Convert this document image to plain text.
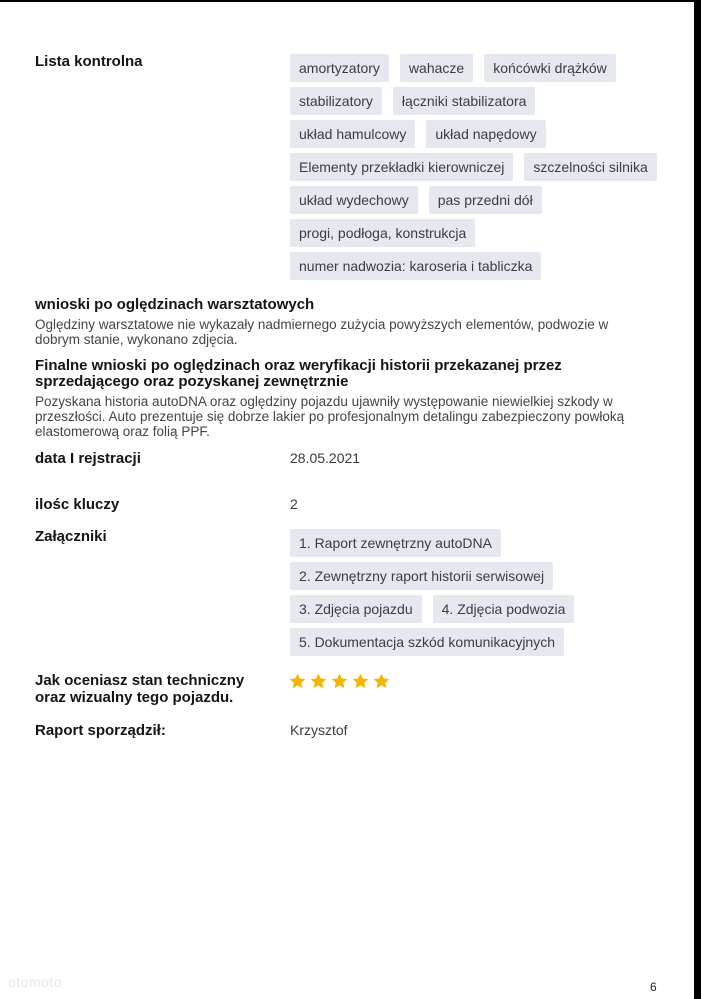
Lista kontrolna	amortyzatory	wahacze	końcówki drążków
stabilizatory	łączniki stabilizatora
układ hamulcowy	układ napędowy
Elementy przekładki kierowniczej	szczelności silnika
układ wydechowy	pas przedni dół
progi, podłoga, konstrukcja
numer nadwozia: karoseria i tabliczka
wnioski po oględzinach warsztatowych
Oględziny warsztatowe nie wykazały nadmiernego zużycia powyższych elementów, podwozie w dobrym stanie, wykonano zdjęcia.
Finalne wnioski po oględzinach oraz weryfikacji historii przekazanej przez sprzedającego oraz pozyskanej zewnętrznie
Pozyskana historia autoDNA oraz oględziny pojazdu ujawniły występowanie niewielkiej szkody w przeszłości. Auto prezentuje się dobrze lakier po profesjonalnym detalingu zabezpieczony powłoką elastomerową oraz folią PPF.
data I rejstracji	28.05.2021
ilośc kluczy	2
Załączniki	1. Raport zewnętrzny autoDNA
2. Zewnętrzny raport historii serwisowej
3. Zdjęcia pojazdu	4. Zdjęcia podwozia
5. Dokumentacja szkód komunikacyjnych
Jak oceniasz stan techniczny oraz wizualny tego pojazdu.
Raport sporządził:	Krzysztof
otomoto	6
